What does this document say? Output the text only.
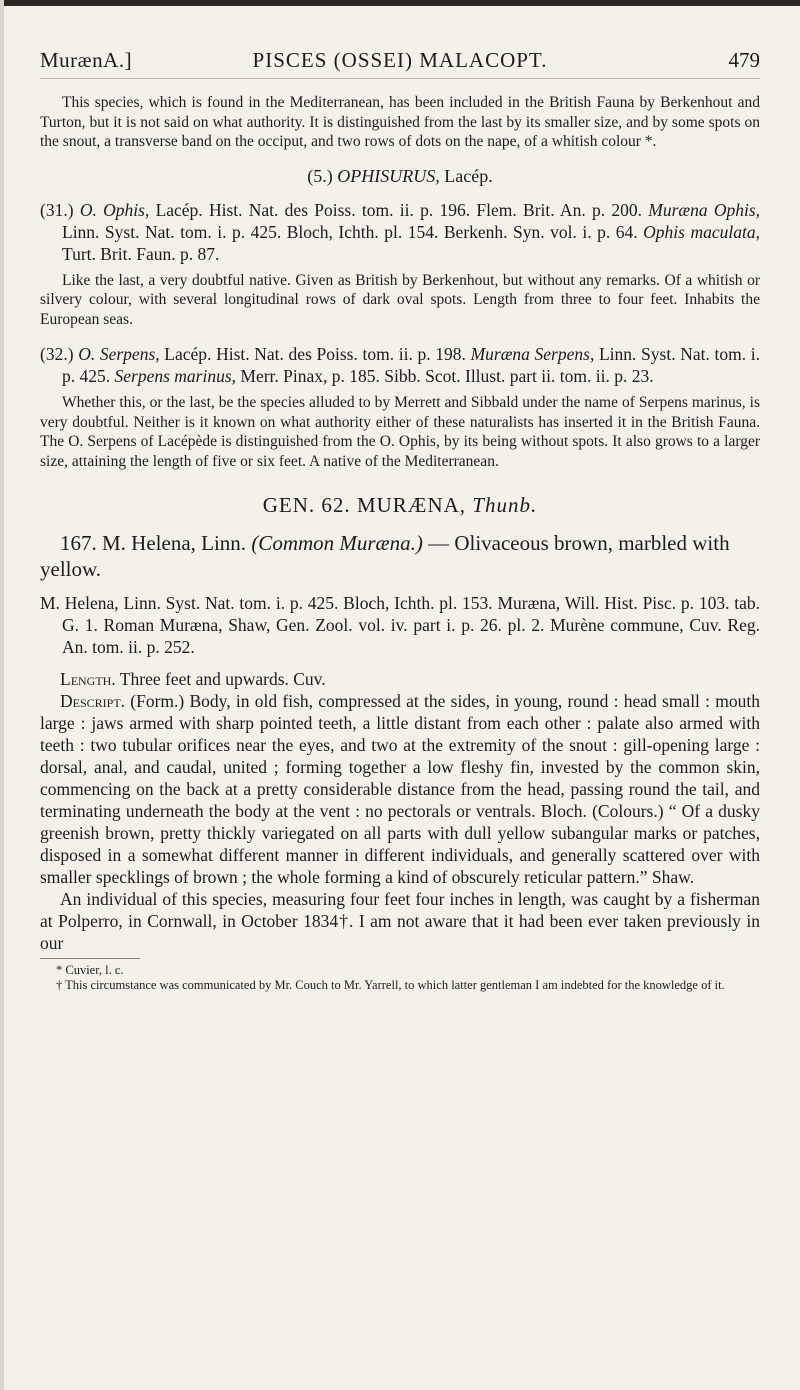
MurænA.]	PISCES (OSSEI) MALACOPT.	479

This species, which is found in the Mediterranean, has been included in the British Fauna by Berkenhout and Turton, but it is not said on what authority. It is distinguished from the last by its smaller size, and by some spots on the snout, a transverse band on the occiput, and two rows of dots on the nape, of a whitish colour *.

(5.) OPHISURUS, Lacép.

(31.) O. Ophis, Lacép. Hist. Nat. des Poiss. tom. ii. p. 196. Flem. Brit. An. p. 200. Muræna Ophis, Linn. Syst. Nat. tom. i. p. 425. Bloch, Ichth. pl. 154. Berkenh. Syn. vol. i. p. 64. Ophis maculata, Turt. Brit. Faun. p. 87.

Like the last, a very doubtful native. Given as British by Berkenhout, but without any remarks. Of a whitish or silvery colour, with several longitudinal rows of dark oval spots. Length from three to four feet. Inhabits the European seas.

(32.) O. Serpens, Lacép. Hist. Nat. des Poiss. tom. ii. p. 198. Muræna Serpens, Linn. Syst. Nat. tom. i. p. 425. Serpens marinus, Merr. Pinax, p. 185. Sibb. Scot. Illust. part ii. tom. ii. p. 23.

Whether this, or the last, be the species alluded to by Merrett and Sibbald under the name of Serpens marinus, is very doubtful. Neither is it known on what authority either of these naturalists has inserted it in the British Fauna. The O. Serpens of Lacépède is distinguished from the O. Ophis, by its being without spots. It also grows to a larger size, attaining the length of five or six feet. A native of the Mediterranean.

GEN. 62. MURÆNA, Thunb.

167. M. Helena, Linn. (Common Muræna.) — Olivaceous brown, marbled with yellow.

M. Helena, Linn. Syst. Nat. tom. i. p. 425. Bloch, Ichth. pl. 153. Muræna, Will. Hist. Pisc. p. 103. tab. G. 1. Roman Muræna, Shaw, Gen. Zool. vol. iv. part i. p. 26. pl. 2. Murène commune, Cuv. Reg. An. tom. ii. p. 252.

Length. Three feet and upwards. Cuv.

Descript. (Form.) Body, in old fish, compressed at the sides, in young, round : head small : mouth large : jaws armed with sharp pointed teeth, a little distant from each other : palate also armed with teeth : two tubular orifices near the eyes, and two at the extremity of the snout : gill-opening large : dorsal, anal, and caudal, united ; forming together a low fleshy fin, invested by the common skin, commencing on the back at a pretty considerable distance from the head, passing round the tail, and terminating underneath the body at the vent : no pectorals or ventrals. Bloch. (Colours.) “ Of a dusky greenish brown, pretty thickly variegated on all parts with dull yellow subangular marks or patches, disposed in a somewhat different manner in different individuals, and generally scattered over with smaller specklings of brown ; the whole forming a kind of obscurely reticular pattern.” Shaw.

An individual of this species, measuring four feet four inches in length, was caught by a fisherman at Polperro, in Cornwall, in October 1834†. I am not aware that it had been ever taken previously in our

* Cuvier, l. c.

† This circumstance was communicated by Mr. Couch to Mr. Yarrell, to which latter gentleman I am indebted for the knowledge of it.
